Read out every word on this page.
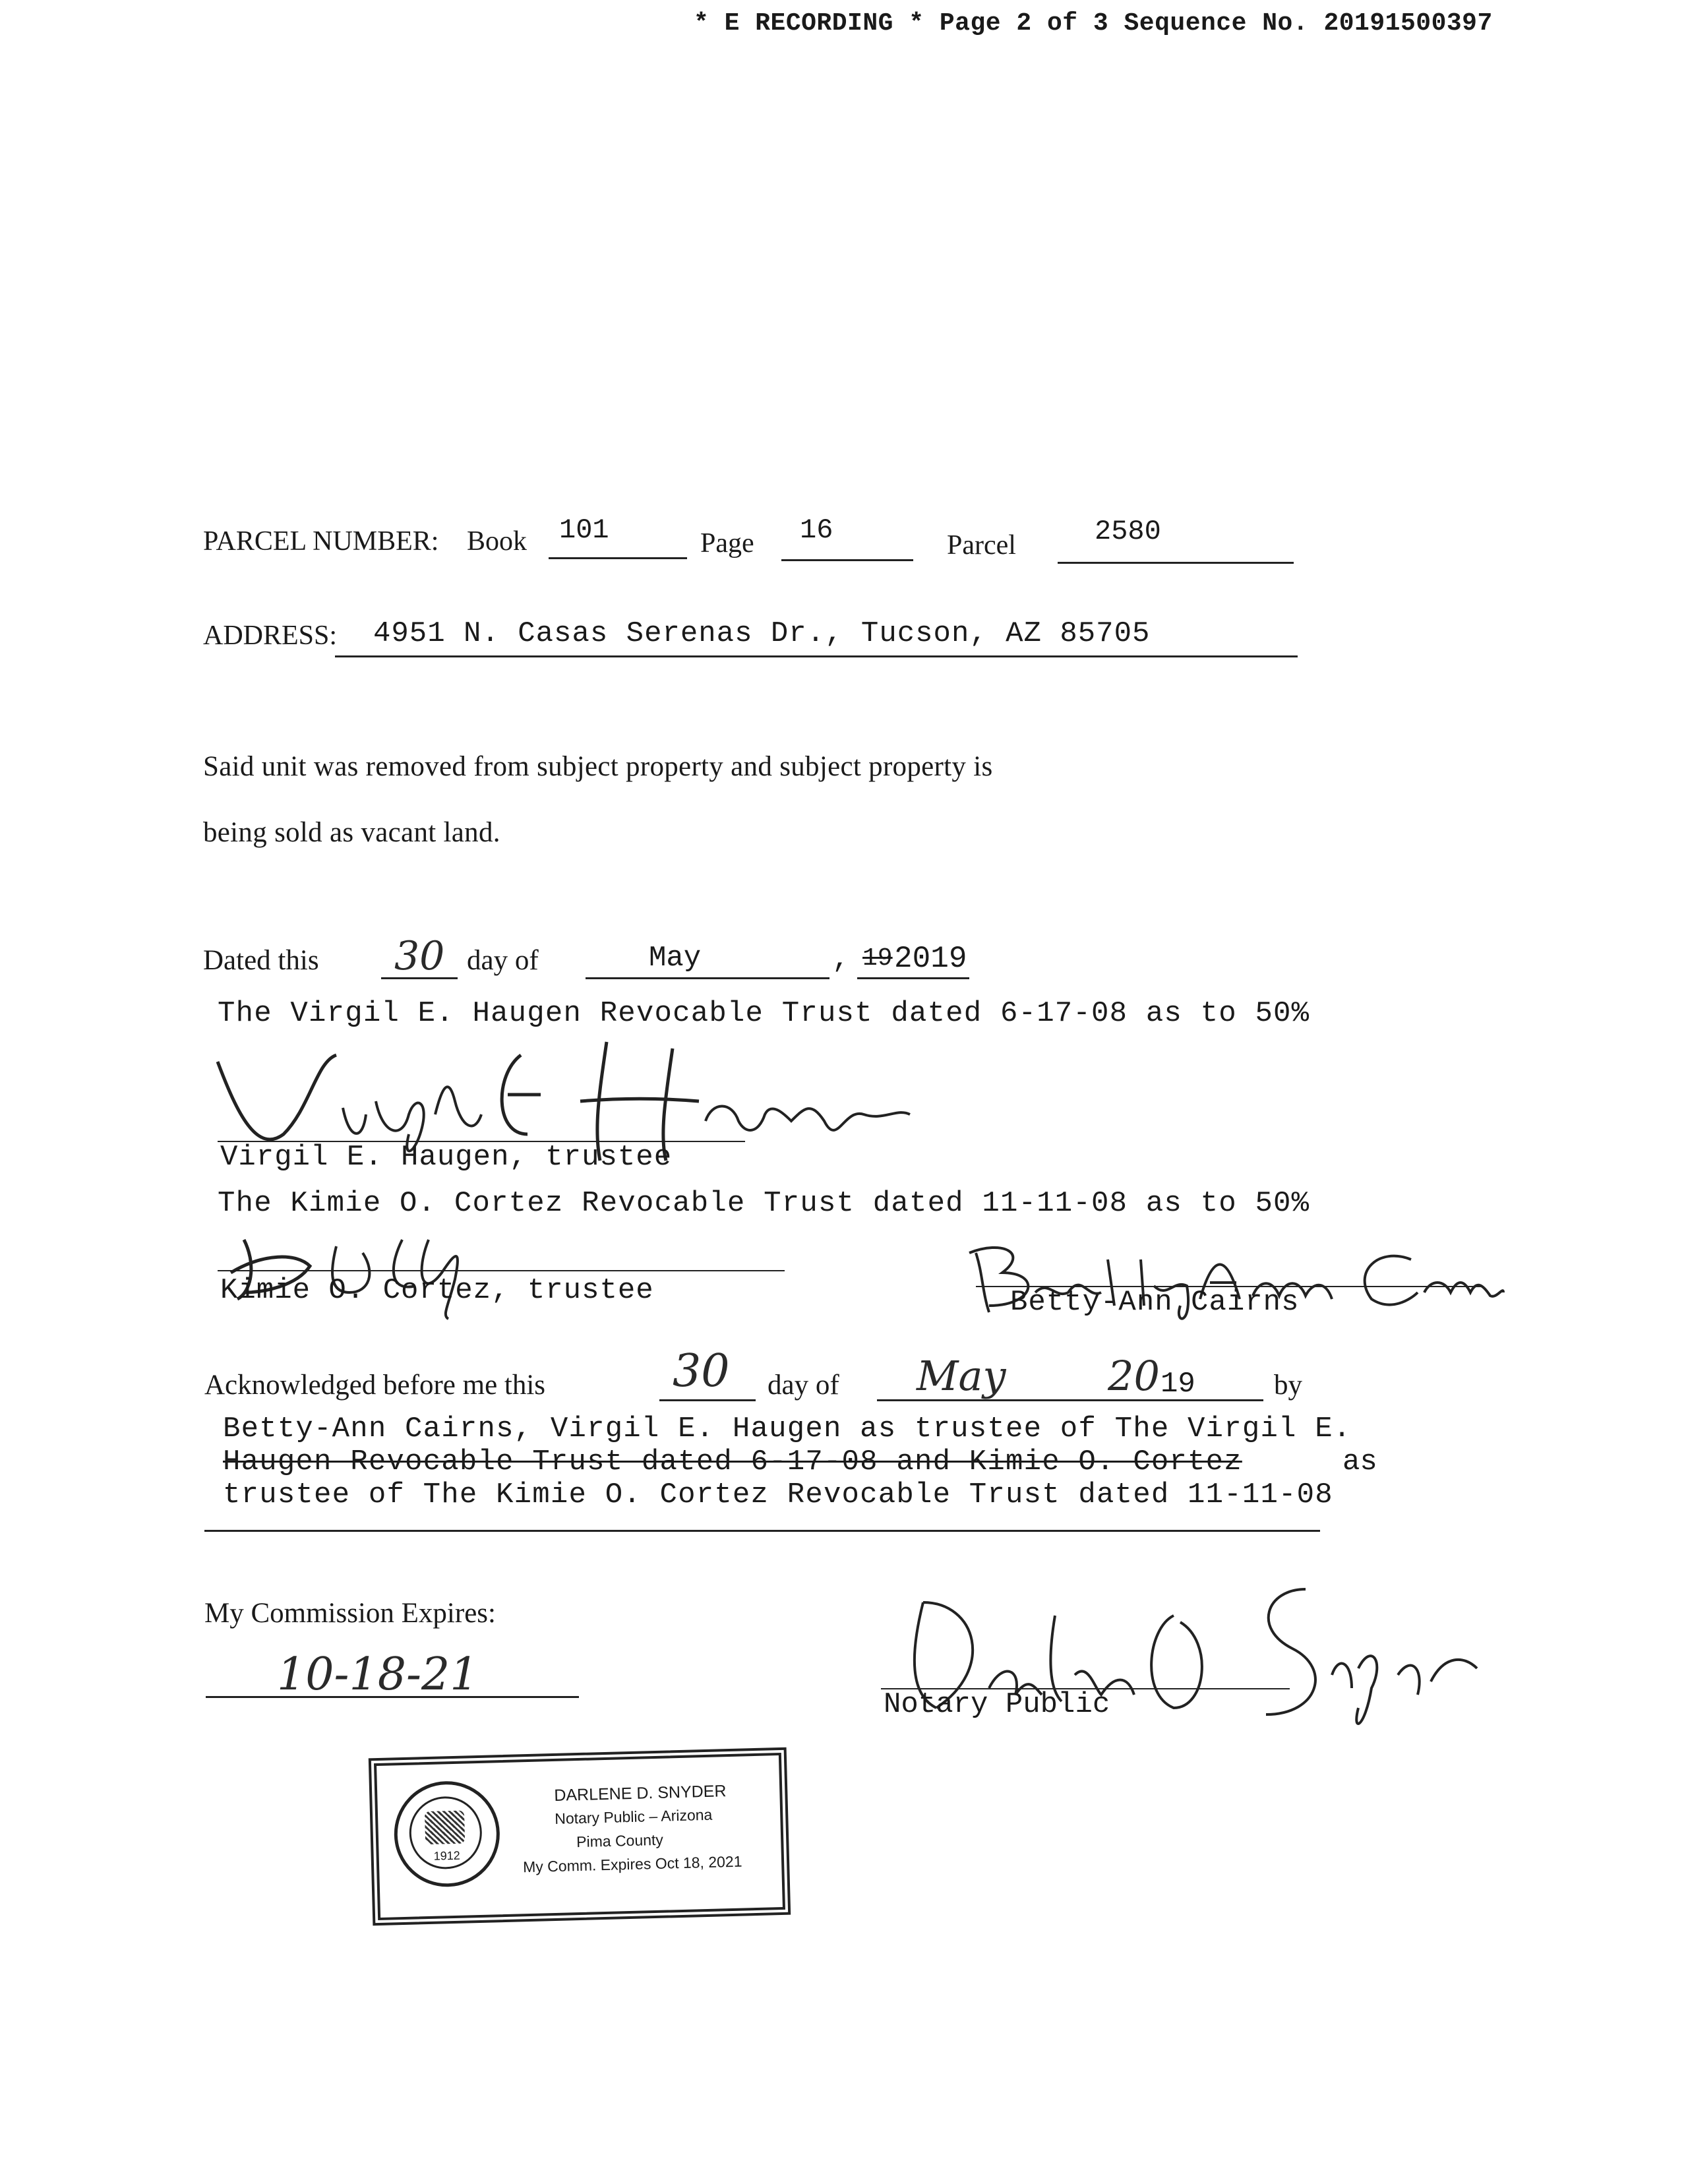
* E RECORDING * Page 2 of 3 Sequence No. 20191500397
PARCEL NUMBER: Book 101	Page 16	Parcel	2580
ADDRESS: 4951 N. Casas Serenas Dr., Tucson, AZ 85705
Said unit was removed from subject property and subject property is
being sold as vacant land.
Dated this 30 day of	May	, 19 2019
The Virgil E. Haugen Revocable Trust dated 6-17-08 as to 50%
Virgil E. Haugen, trustee
The Kimie O. Cortez Revocable Trust dated 11-11-08 as to 50%
Kimie O. Cortez, trustee	Betty-Ann Cairns
Acknowledged before me this	30 day of May 20 19	by
Betty-Ann Cairns, Virgil E. Haugen as trustee of The Virgil E.
Haugen Revocable Trust dated 6-17-08 and Kimie O. Cortez	as
trustee of The Kimie O. Cortez Revocable Trust dated 11-11-08
My Commission Expires:
10-18-21
Notary Public
1912
DARLENE D. SNYDER
Notary Public – Arizona
Pima County
My Comm. Expires Oct 18, 2021
